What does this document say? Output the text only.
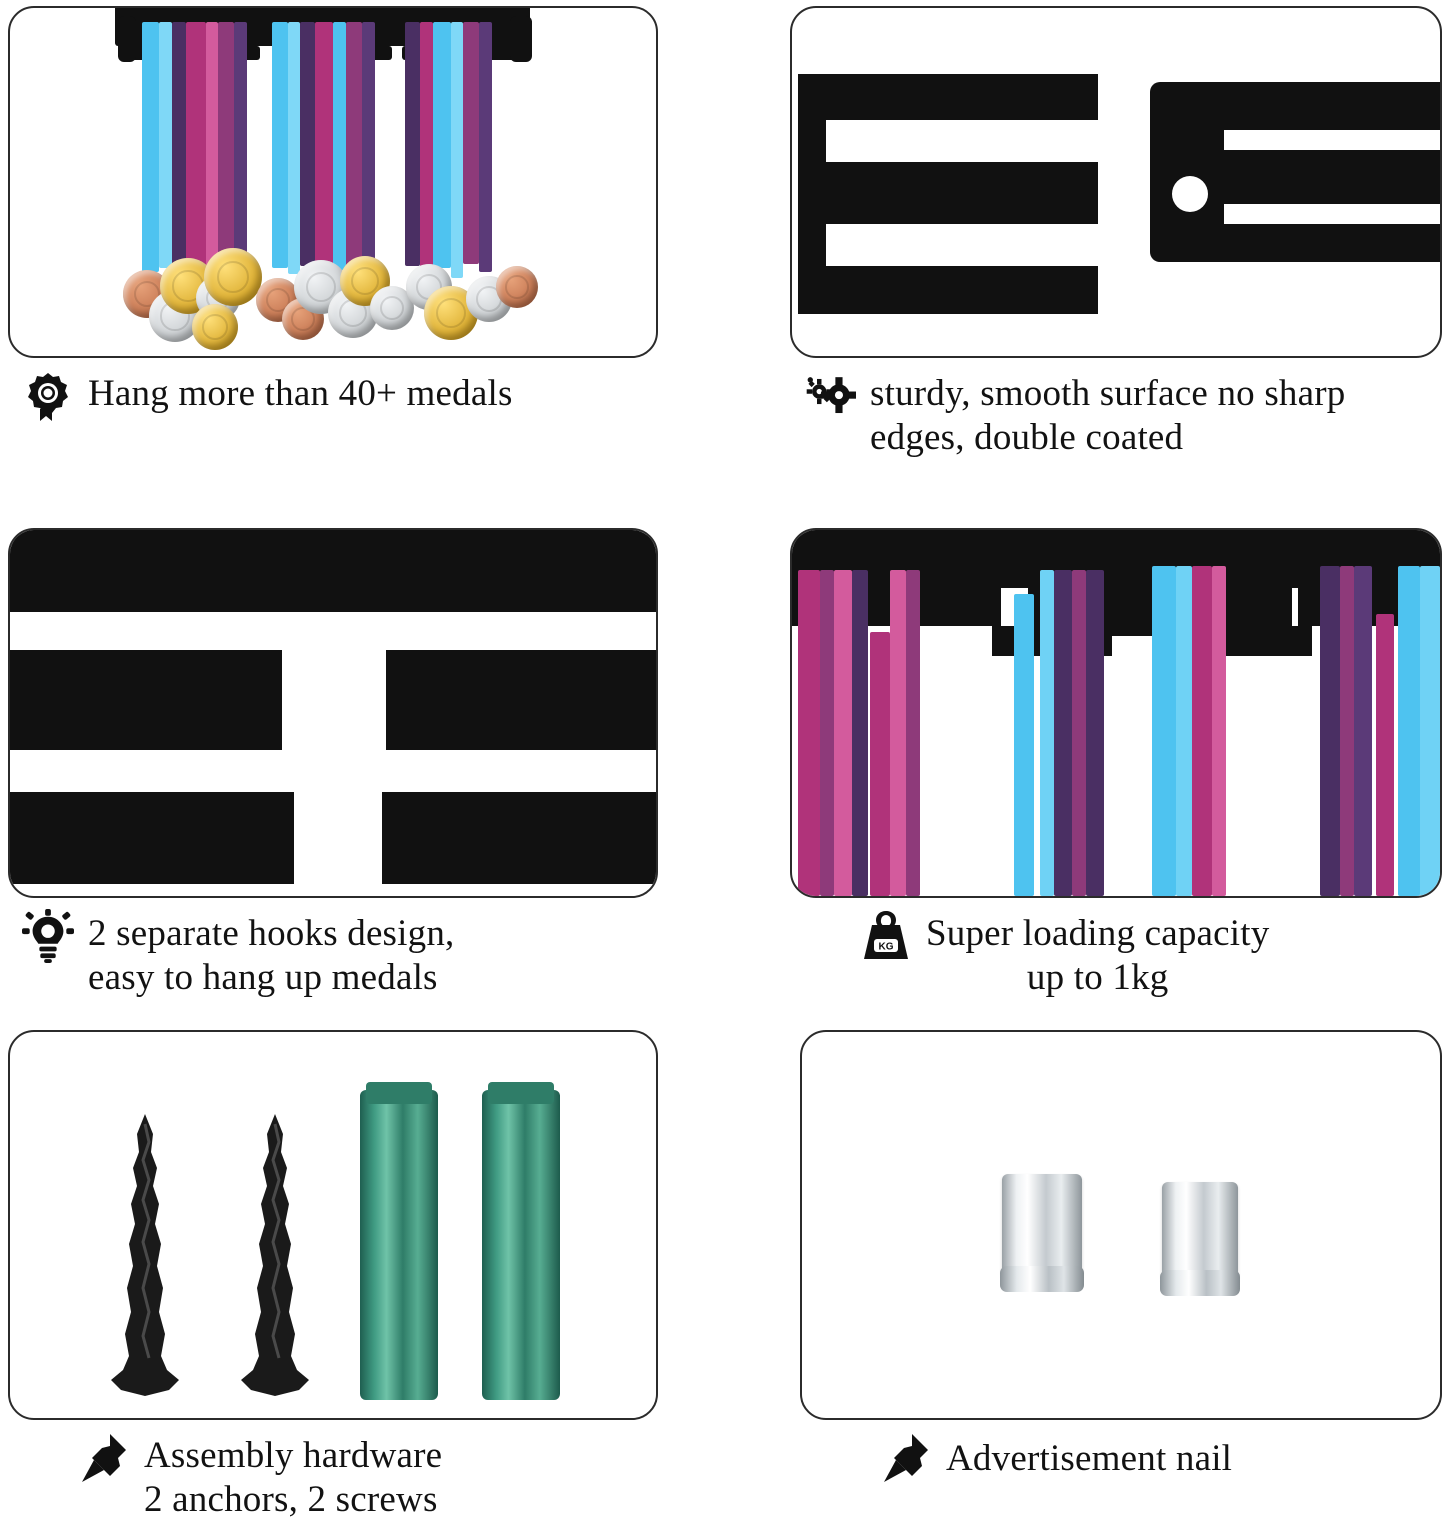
Hang more than 40+ medals	sturdy, smooth surface no sharp
edges, double coated
2 separate hooks design,
easy to hang up medals
KG Super loading capacity
up to 1kg
Assembly hardware
2 anchors, 2 screws
Advertisement nail
